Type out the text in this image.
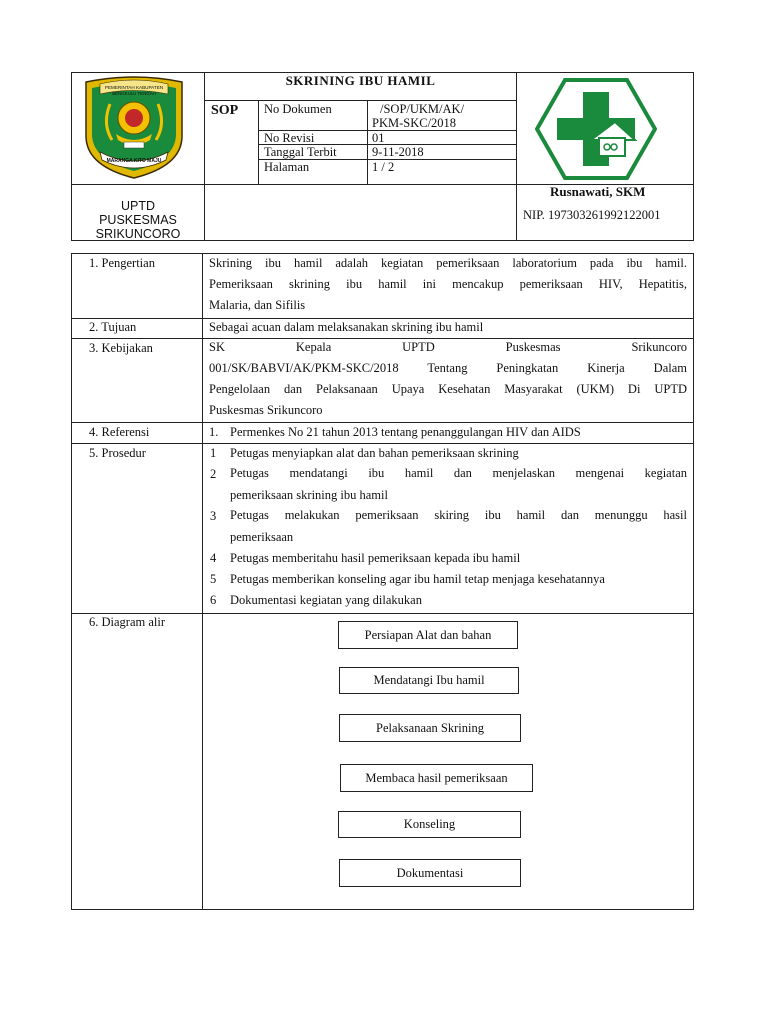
PEMERINTAH KABUPATEN
BENGKULU TENGAH
MARANGA KITO MAJU
SKRINING IBU HAMIL
SOP No Dokumen	/SOP/UKM/AK/
PKM-SKC/2018
No Revisi	01
Tanggal Terbit	9-11-2018
Halaman	1 / 2
UPTD
PUSKESMAS
SRIKUNCORO
Rusnawati, SKM
NIP. 197303261992122001
1. Pengertian	Skrining ibu hamil adalah kegiatan pemeriksaan laboratorium pada ibu hamil.
Pemeriksaan skrining ibu hamil ini mencakup pemeriksaan HIV, Hepatitis,
Malaria, dan Sifilis
2. Tujuan	Sebagai acuan dalam melaksanakan skrining ibu hamil
3. Kebijakan	SK Kepala UPTD Puskesmas Srikuncoro
001/SK/BABVI/AK/PKM-SKC/2018 Tentang Peningkatan Kinerja Dalam
Pengelolaan dan Pelaksanaan Upaya Kesehatan Masyarakat (UKM) Di UPTD
Puskesmas Srikuncoro
4. Referensi	1. Permenkes No 21 tahun 2013 tentang penanggulangan HIV dan AIDS
5. Prosedur	1 Petugas menyiapkan alat dan bahan pemeriksaan skrining
2 Petugas mendatangi ibu hamil dan menjelaskan mengenai kegiatan
pemeriksaan skrining ibu hamil
3 Petugas melakukan pemeriksaan skiring ibu hamil dan menunggu hasil
pemeriksaan
4 Petugas memberitahu hasil pemeriksaan kepada ibu hamil
5 Petugas memberikan konseling agar ibu hamil tetap menjaga kesehatannya
6 Dokumentasi kegiatan yang dilakukan
6. Diagram alir
Persiapan Alat dan bahan
Mendatangi Ibu hamil
Pelaksanaan Skrining
Membaca hasil pemeriksaan
Konseling
Dokumentasi
